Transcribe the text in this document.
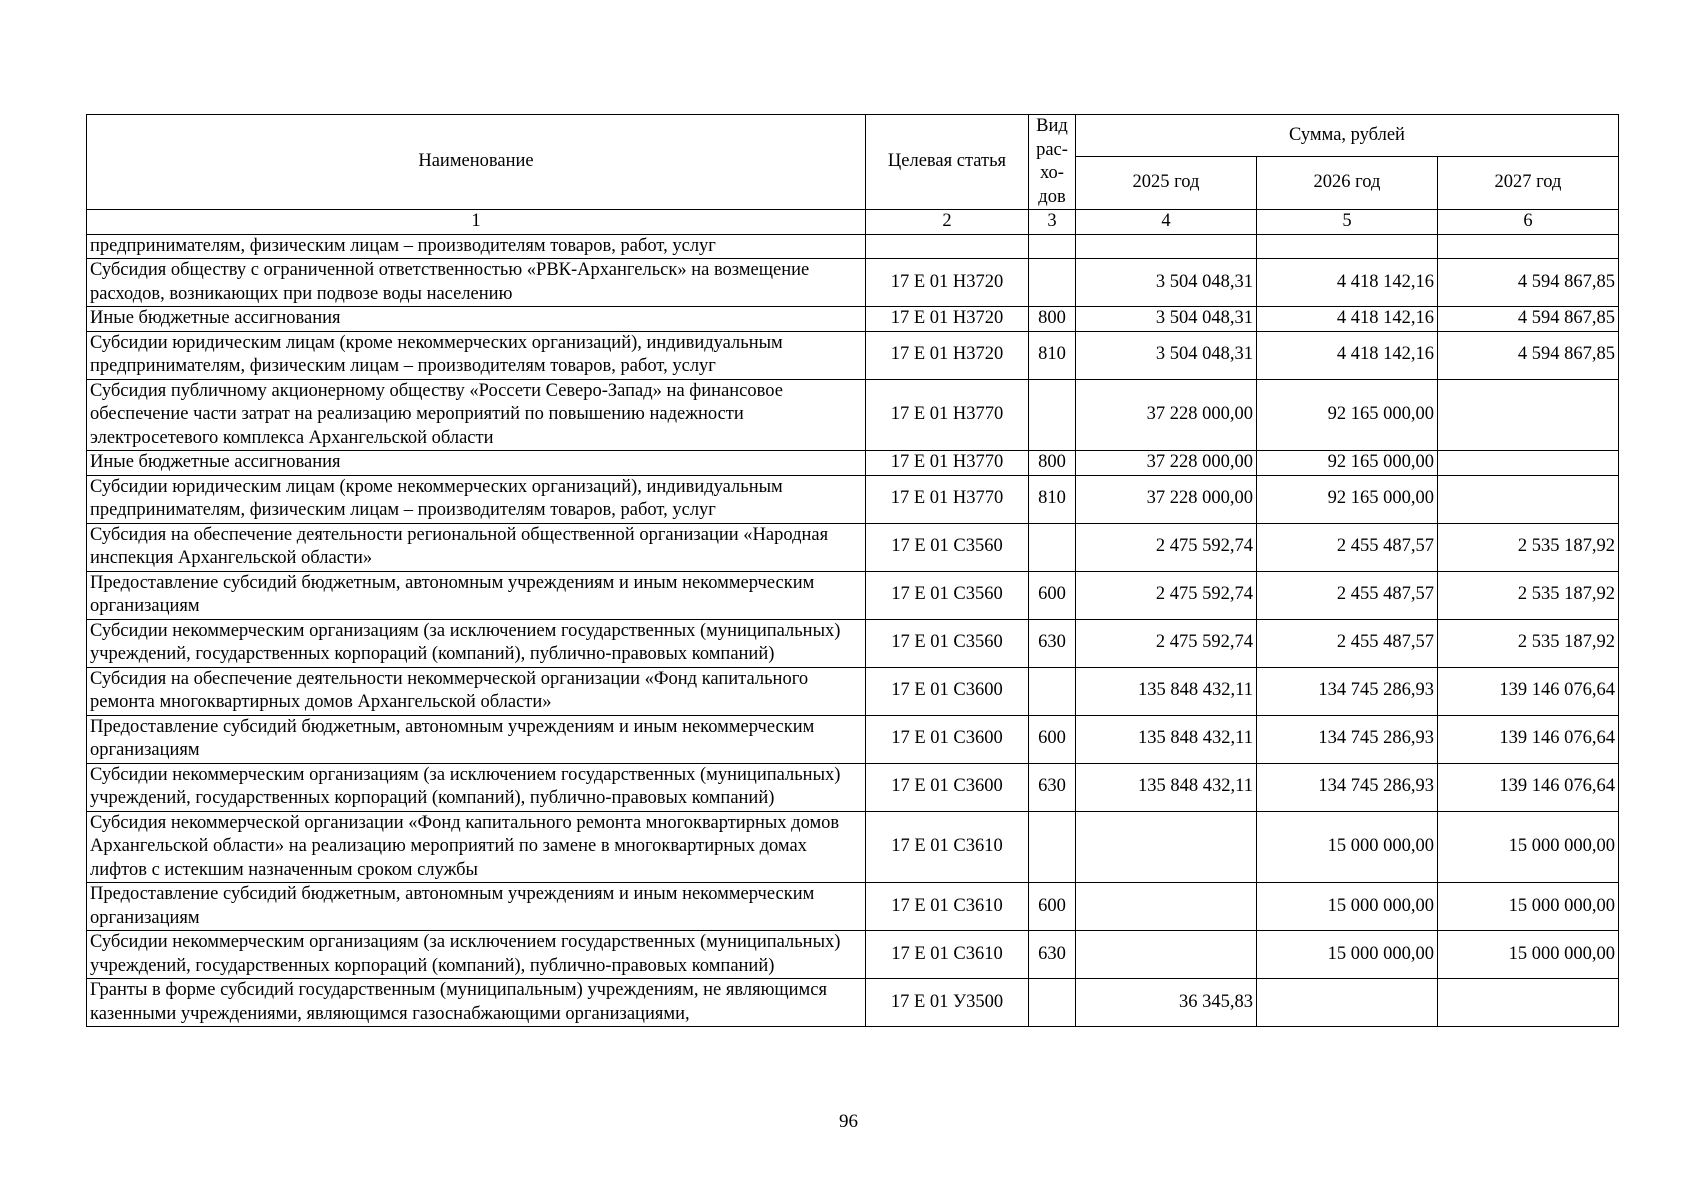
Наименование	Целевая статья	Вид рас-хо-дов	Сумма, рублей		
			2025 год	2026 год	2027 год
1	2	3	4	5	6
предпринимателям, физическим лицам – производителям товаров, работ, услуг					
Субсидия обществу с ограниченной ответственностью «РВК-Архангельск» на возмещение расходов, возникающих при подвозе воды населению	17 Е 01 Н3720		3 504 048,31	4 418 142,16	4 594 867,85
Иные бюджетные ассигнования	17 Е 01 Н3720	800	3 504 048,31	4 418 142,16	4 594 867,85
Субсидии юридическим лицам (кроме некоммерческих организаций), индивидуальным предпринимателям, физическим лицам – производителям товаров, работ, услуг	17 Е 01 Н3720	810	3 504 048,31	4 418 142,16	4 594 867,85
Субсидия публичному акционерному обществу «Россети Северо-Запад» на финансовое обеспечение части затрат на реализацию мероприятий по повышению надежности электросетевого комплекса Архангельской области	17 Е 01 Н3770		37 228 000,00	92 165 000,00	
Иные бюджетные ассигнования	17 Е 01 Н3770	800	37 228 000,00	92 165 000,00	
Субсидии юридическим лицам (кроме некоммерческих организаций), индивидуальным предпринимателям, физическим лицам – производителям товаров, работ, услуг	17 Е 01 Н3770	810	37 228 000,00	92 165 000,00	
Субсидия на обеспечение деятельности региональной общественной организации «Народная инспекция Архангельской области»	17 Е 01 С3560		2 475 592,74	2 455 487,57	2 535 187,92
Предоставление субсидий бюджетным, автономным учреждениям и иным некоммерческим организациям	17 Е 01 С3560	600	2 475 592,74	2 455 487,57	2 535 187,92
Субсидии некоммерческим организациям (за исключением государственных (муниципальных) учреждений, государственных корпораций (компаний), публично-правовых компаний)	17 Е 01 С3560	630	2 475 592,74	2 455 487,57	2 535 187,92
Субсидия на обеспечение деятельности некоммерческой организации «Фонд капитального ремонта многоквартирных домов Архангельской области»	17 Е 01 С3600		135 848 432,11	134 745 286,93	139 146 076,64
Предоставление субсидий бюджетным, автономным учреждениям и иным некоммерческим организациям	17 Е 01 С3600	600	135 848 432,11	134 745 286,93	139 146 076,64
Субсидии некоммерческим организациям (за исключением государственных (муниципальных) учреждений, государственных корпораций (компаний), публично-правовых компаний)	17 Е 01 С3600	630	135 848 432,11	134 745 286,93	139 146 076,64
Субсидия некоммерческой организации «Фонд капитального ремонта многоквартирных домов Архангельской области» на реализацию мероприятий по замене в многоквартирных домах лифтов с истекшим назначенным сроком службы	17 Е 01 С3610			15 000 000,00	15 000 000,00
Предоставление субсидий бюджетным, автономным учреждениям и иным некоммерческим организациям	17 Е 01 С3610	600		15 000 000,00	15 000 000,00
Субсидии некоммерческим организациям (за исключением государственных (муниципальных) учреждений, государственных корпораций (компаний), публично-правовых компаний)	17 Е 01 С3610	630		15 000 000,00	15 000 000,00
Гранты в форме субсидий государственным (муниципальным) учреждениям, не являющимся казенными учреждениями, являющимся газоснабжающими организациями,	17 Е 01 У3500		36 345,83		
96
